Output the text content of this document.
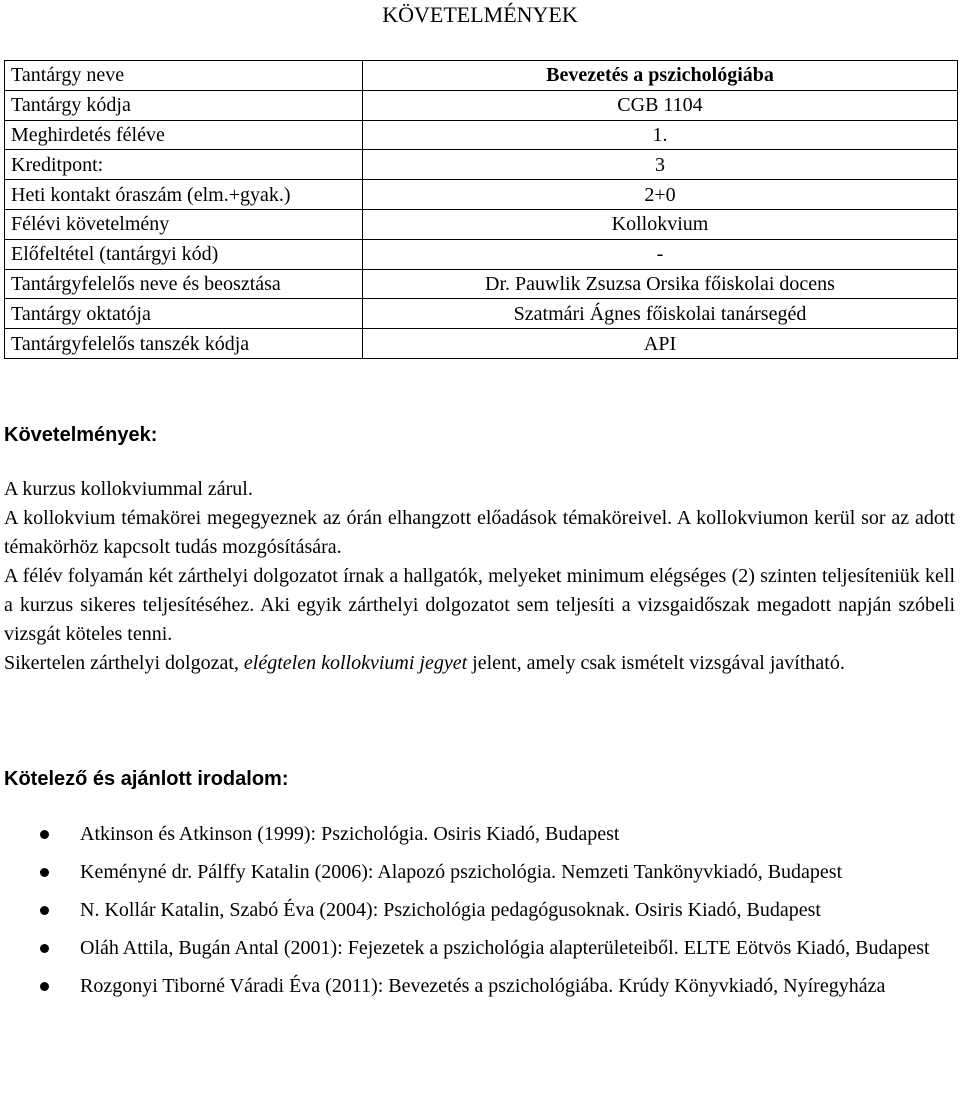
KÖVETELMÉNYEK
Tantárgy neve	Bevezetés a pszichológiába
Tantárgy kódja	CGB 1104
Meghirdetés féléve	1.
Kreditpont:	3
Heti kontakt óraszám (elm.+gyak.)	2+0
Félévi követelmény	Kollokvium
Előfeltétel (tantárgyi kód)	-
Tantárgyfelelős neve és beosztása	Dr. Pauwlik Zsuzsa Orsika főiskolai docens
Tantárgy oktatója	Szatmári Ágnes főiskolai tanársegéd
Tantárgyfelelős tanszék kódja	API
Követelmények:

A kurzus kollokviummal zárul.

A kollokvium témakörei megegyeznek az órán elhangzott előadások témaköreivel. A kollokviumon kerül sor az adott témakörhöz kapcsolt tudás mozgósítására.

A félév folyamán két zárthelyi dolgozatot írnak a hallgatók, melyeket minimum elégséges (2) szinten teljesíteniük kell a kurzus sikeres teljesítéséhez. Aki egyik zárthelyi dolgozatot sem teljesíti a vizsgaidőszak megadott napján szóbeli vizsgát köteles tenni.

Sikertelen zárthelyi dolgozat, elégtelen kollokviumi jegyet jelent, amely csak ismételt vizsgával javítható.

Kötelező és ajánlott irodalom:
Atkinson és Atkinson (1999): Pszichológia. Osiris Kiadó, Budapest
Keményné dr. Pálffy Katalin (2006): Alapozó pszichológia. Nemzeti Tankönyvkiadó, Budapest
N. Kollár Katalin, Szabó Éva (2004): Pszichológia pedagógusoknak. Osiris Kiadó, Budapest
Oláh Attila, Bugán Antal (2001): Fejezetek a pszichológia alapterületeiből. ELTE Eötvös Kiadó, Budapest
Rozgonyi Tiborné Váradi Éva (2011): Bevezetés a pszichológiába. Krúdy Könyvkiadó, Nyíregyháza
